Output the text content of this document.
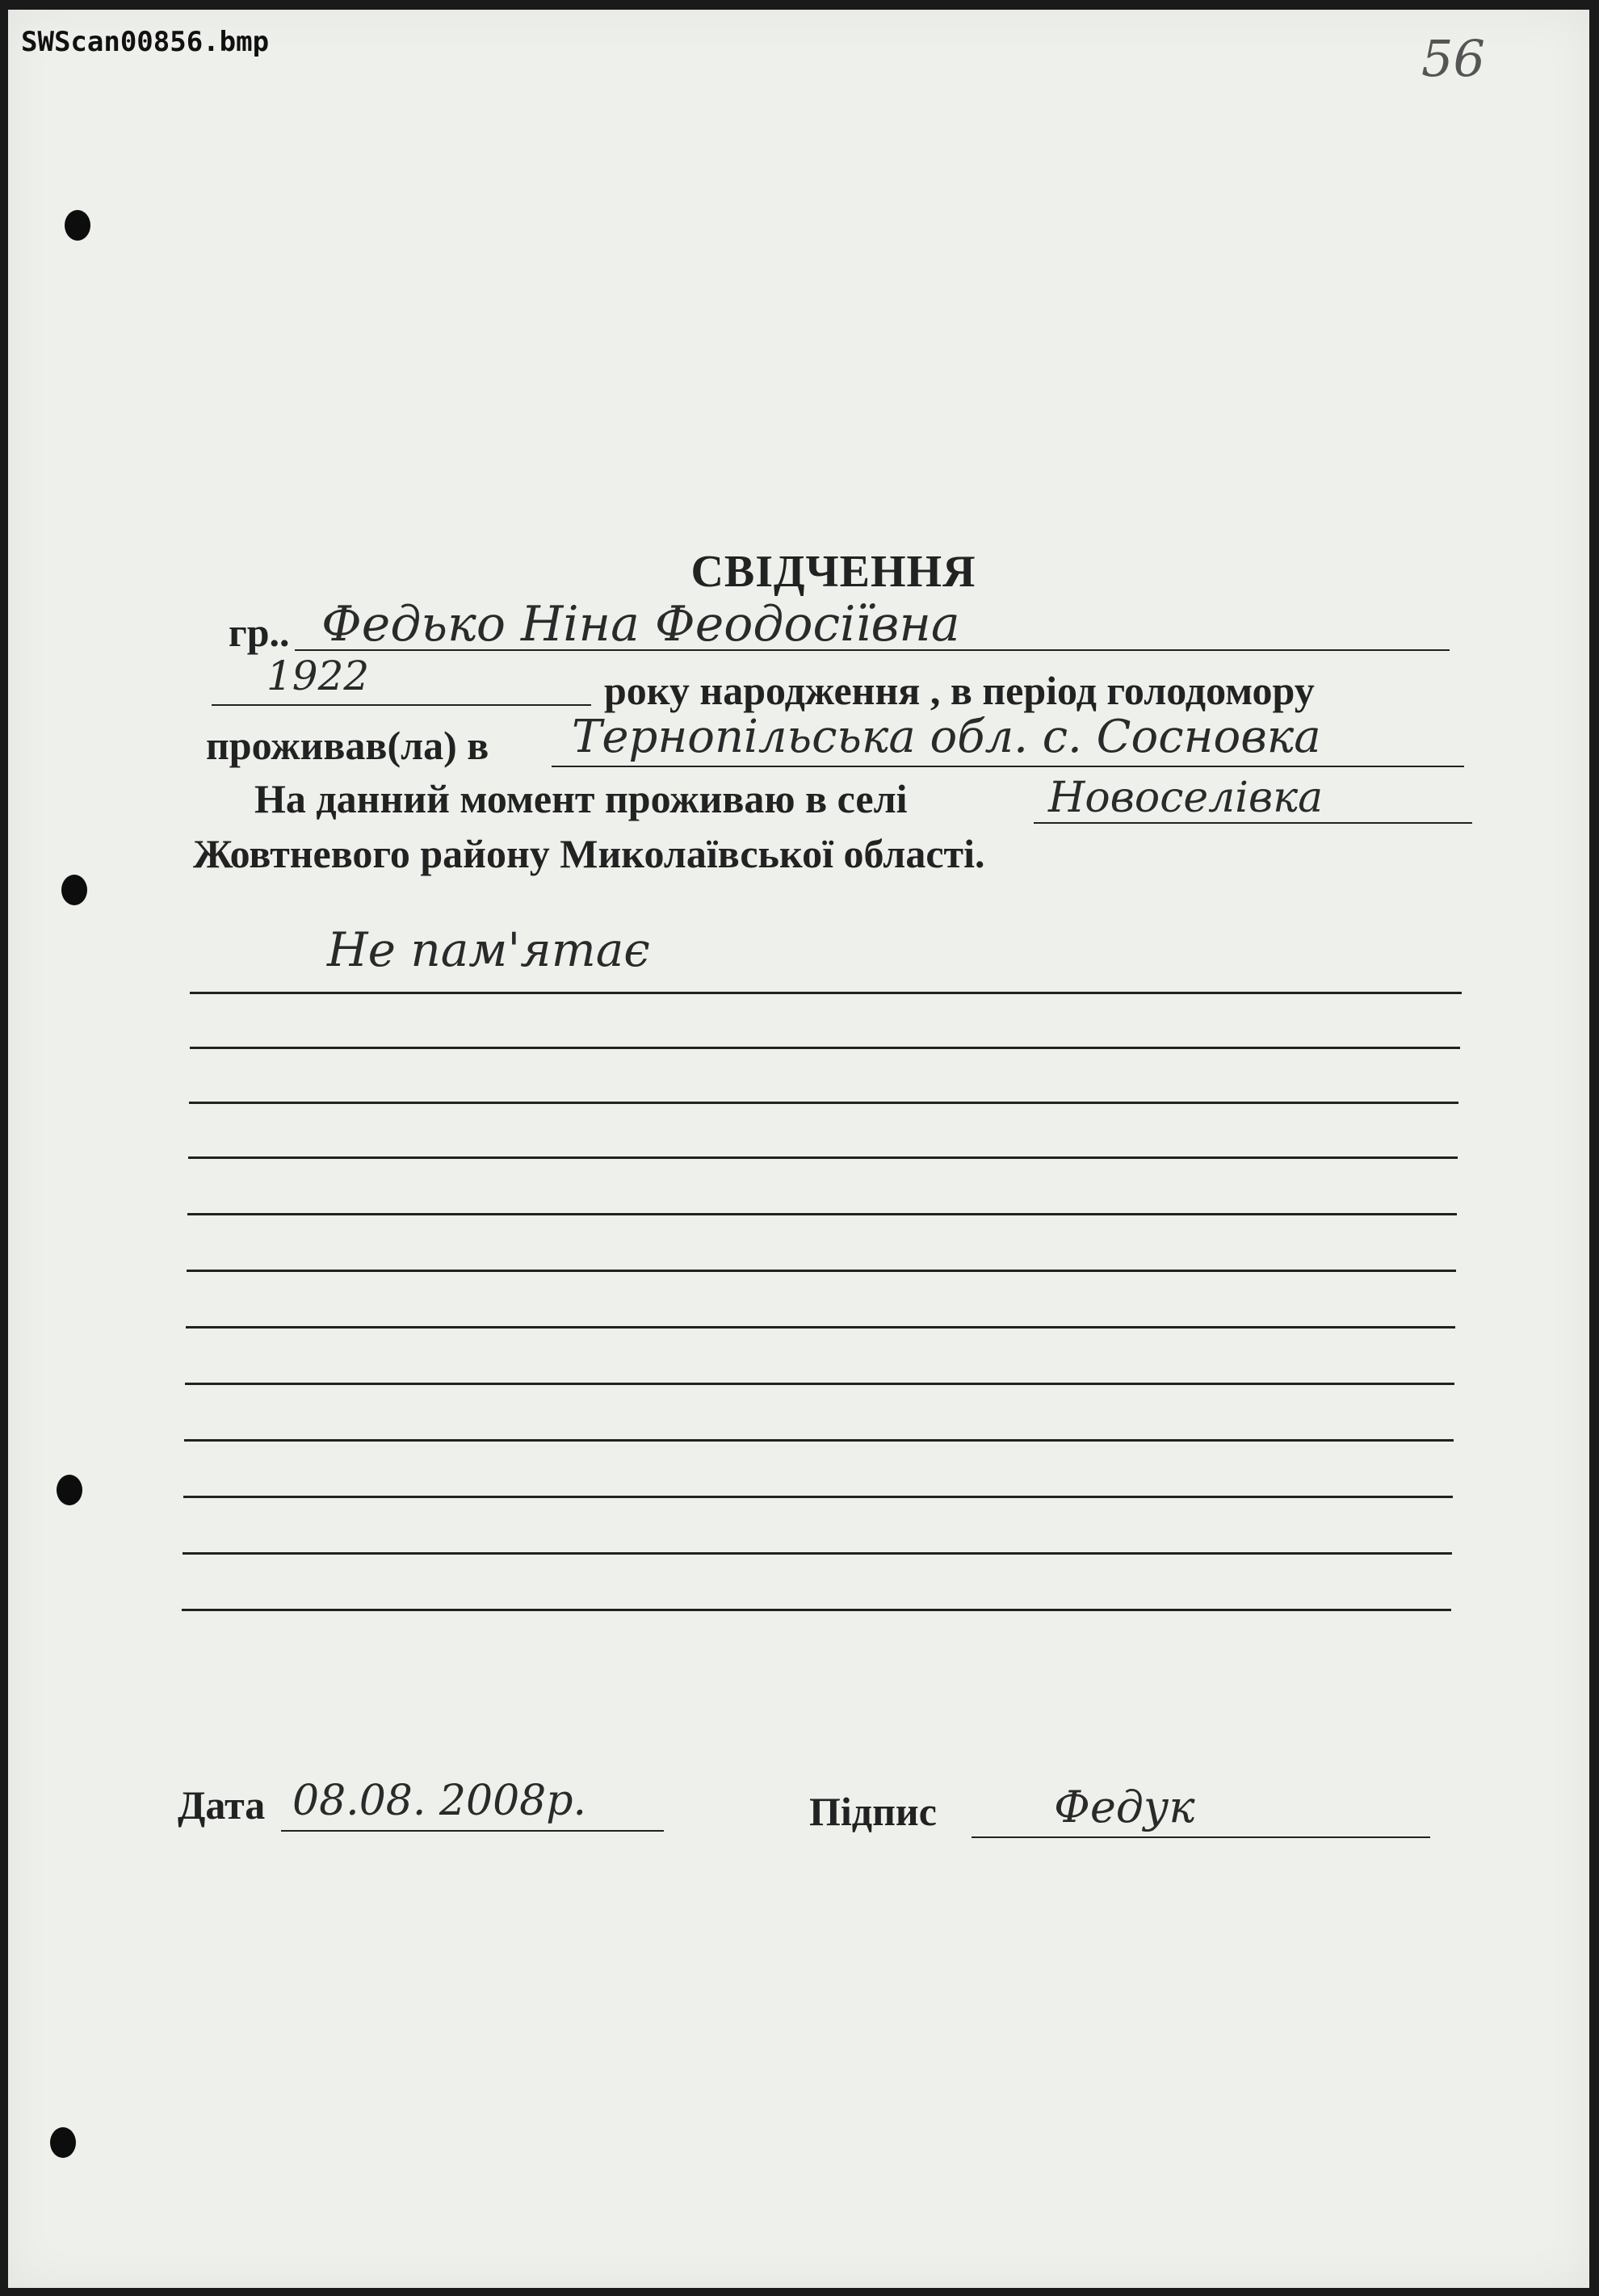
SWScan00856.bmp	56
СВІДЧЕННЯ
гр.. Федько Ніна Феодосіївна
1922	року народження , в період голодомору
проживав(ла) в Тернопільська обл. с. Сосновка
На данний момент проживаю в селі	Новоселівка
Жовтневого району Миколаївської області.
Не пам'ятає
Дата 08.08. 2008р.	Підпис	Федук
